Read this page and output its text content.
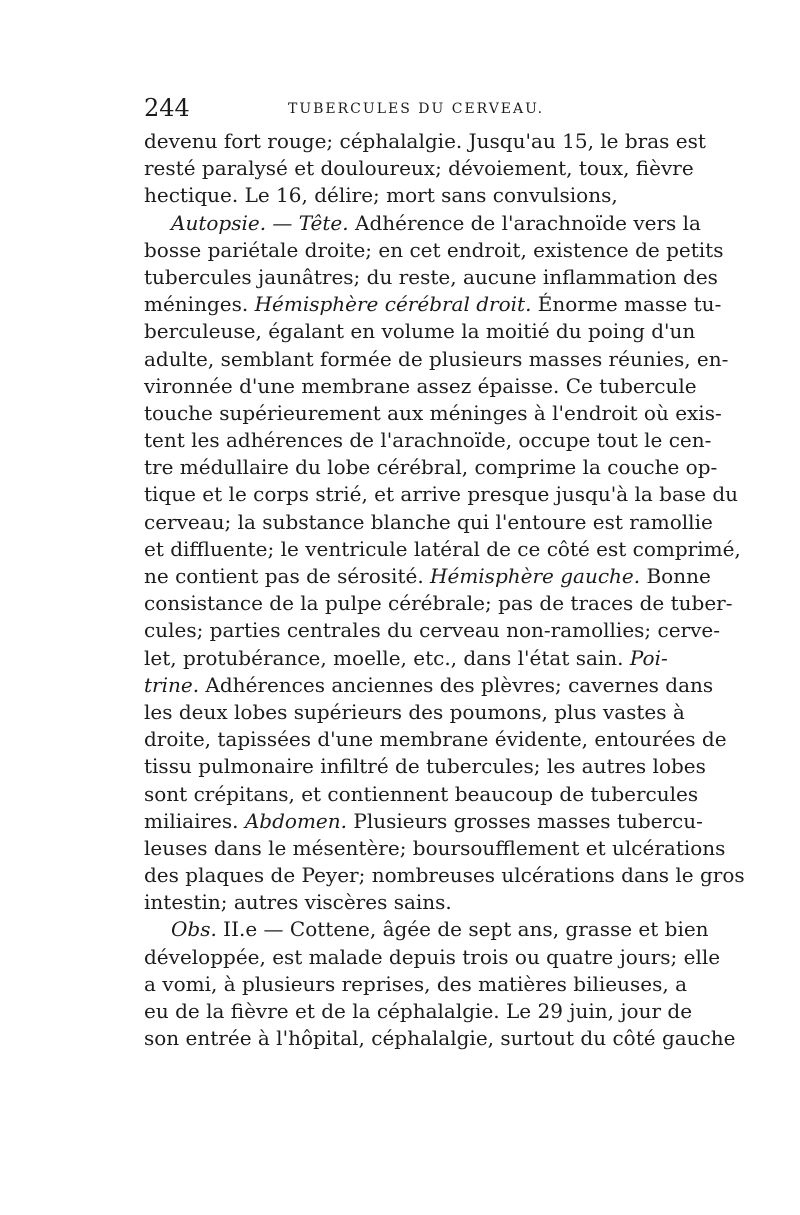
244	TUBERCULES DU CERVEAU.
devenu fort rouge; céphalalgie. Jusqu'au 15, le bras est
resté paralysé et douloureux; dévoiement, toux, fièvre
hectique. Le 16, délire; mort sans convulsions,
Autopsie. — Tête. Adhérence de l'arachnoïde vers la
bosse pariétale droite; en cet endroit, existence de petits
tubercules jaunâtres; du reste, aucune inflammation des
méninges. Hémisphère cérébral droit. Énorme masse tu-
berculeuse, égalant en volume la moitié du poing d'un
adulte, semblant formée de plusieurs masses réunies, en-
vironnée d'une membrane assez épaisse. Ce tubercule
touche supérieurement aux méninges à l'endroit où exis-
tent les adhérences de l'arachnoïde, occupe tout le cen-
tre médullaire du lobe cérébral, comprime la couche op-
tique et le corps strié, et arrive presque jusqu'à la base du
cerveau; la substance blanche qui l'entoure est ramollie
et diffluente; le ventricule latéral de ce côté est comprimé,
ne contient pas de sérosité. Hémisphère gauche. Bonne
consistance de la pulpe cérébrale; pas de traces de tuber-
cules; parties centrales du cerveau non-ramollies; cerve-
let, protubérance, moelle, etc., dans l'état sain. Poi-
trine. Adhérences anciennes des plèvres; cavernes dans
les deux lobes supérieurs des poumons, plus vastes à
droite, tapissées d'une membrane évidente, entourées de
tissu pulmonaire infiltré de tubercules; les autres lobes
sont crépitans, et contiennent beaucoup de tubercules
miliaires. Abdomen. Plusieurs grosses masses tubercu-
leuses dans le mésentère; boursoufflement et ulcérations
des plaques de Peyer; nombreuses ulcérations dans le gros
intestin; autres viscères sains.
Obs. II.e — Cottene, âgée de sept ans, grasse et bien
développée, est malade depuis trois ou quatre jours; elle
a vomi, à plusieurs reprises, des matières bilieuses, a
eu de la fièvre et de la céphalalgie. Le 29 juin, jour de
son entrée à l'hôpital, céphalalgie, surtout du côté gauche
